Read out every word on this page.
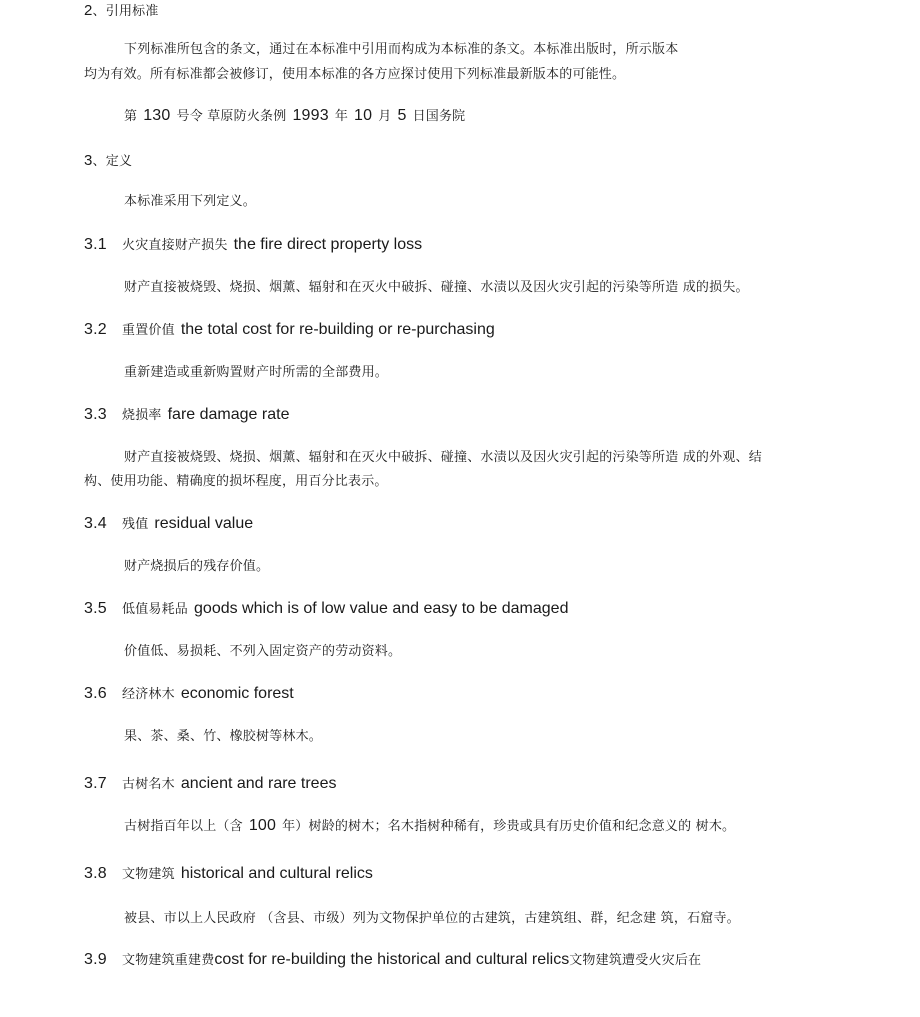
2、引用标准
下列标准所包含的条文，通过在本标准中引用而构成为本标准的条文。本标准出版时，所示版本
均为有效。所有标准都会被修订，使用本标准的各方应探讨使用下列标准最新版本的可能性。
第 130 号令 草原防火条例 1993 年 10 月 5 日国务院
3、定义
本标准采用下列定义。
3.1 火灾直接财产损失 the fire direct property loss
财产直接被烧毁、烧损、烟薰、辐射和在灭火中破拆、碰撞、水渍以及因火灾引起的污染等所造 成的损失。
3.2 重置价值 the total cost for re-building or re-purchasing
重新建造或重新购置财产时所需的全部费用。
3.3 烧损率 fare damage rate
财产直接被烧毁、烧损、烟薰、辐射和在灭火中破拆、碰撞、水渍以及因火灾引起的污染等所造 成的外观、结
构、使用功能、精确度的损坏程度，用百分比表示。
3.4 残值 residual value
财产烧损后的残存价值。
3.5 低值易耗品 goods which is of low value and easy to be damaged
价值低、易损耗、不列入固定资产的劳动资料。
3.6 经济林木 economic forest
果、茶、桑、竹、橡胶树等林木。
3.7 古树名木 ancient and rare trees
古树指百年以上（含 100 年）树龄的树木；名木指树种稀有，珍贵或具有历史价值和纪念意义的 树木。
3.8 文物建筑 historical and cultural relics
被县、市以上人民政府 （含县、市级）列为文物保护单位的古建筑，古建筑组、群，纪念建 筑，石窟寺。
3.9 文物建筑重建费cost for re-building the historical and cultural relics文物建筑遭受火灾后在
